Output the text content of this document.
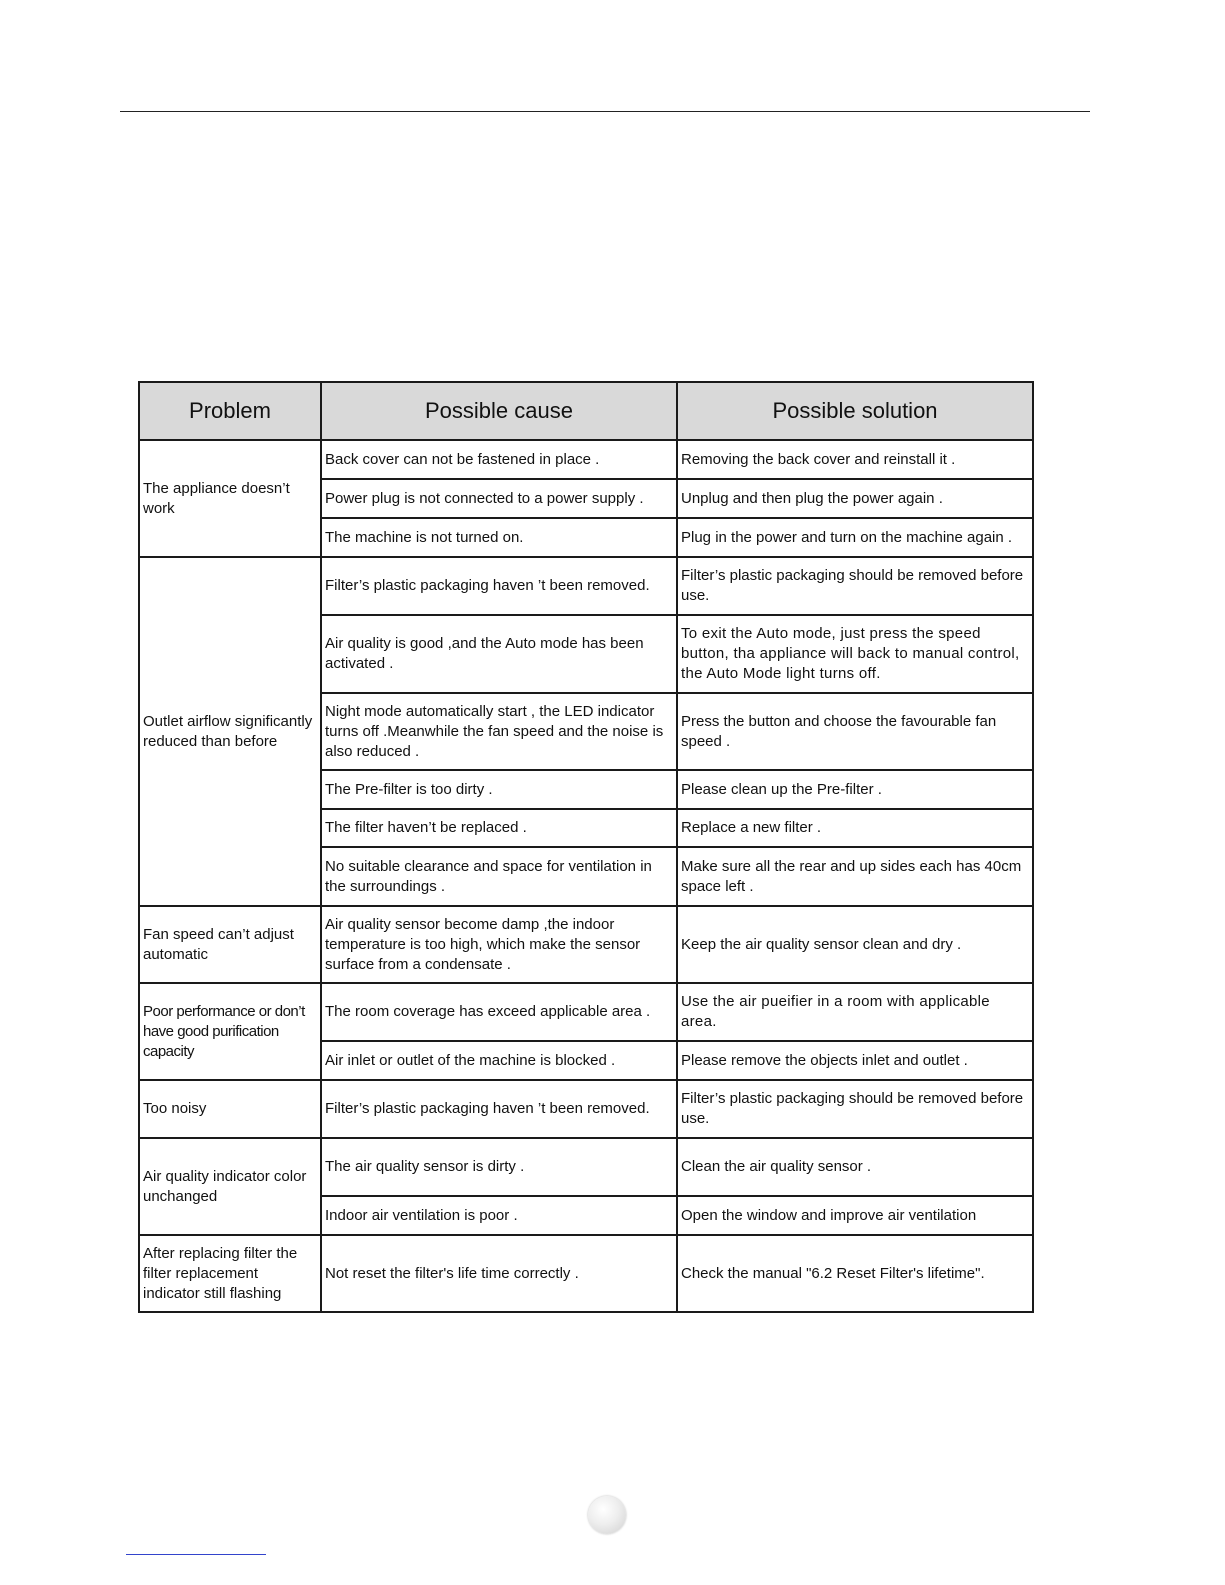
Problem	Possible cause	Possible solution
The appliance doesn’t work	Back cover can not be fastened in place .	Removing the back cover and reinstall it .
	Power plug is not connected to a power supply .	Unplug and then plug the power again .
	The machine is not turned on.	Plug in the power and turn on the machine again .
Outlet airflow significantly reduced than before	Filter’s plastic packaging haven ’t been removed.	Filter’s plastic packaging should be removed before use.
	Air quality is good ,and the Auto mode has been activated .	To exit the Auto mode, just press the speed button, tha appliance will back to manual control, the Auto Mode light turns off.
	Night mode automatically start , the LED indicator turns off .Meanwhile the fan speed and the noise is also reduced .	Press the button and choose the favourable fan speed .
	The Pre-filter is too dirty .	Please clean up the Pre-filter .
	The filter haven’t be replaced .	Replace a new filter .
	No suitable clearance and space for ventilation in the surroundings .	Make sure all the rear and up sides each has 40cm space left .
Fan speed can’t adjust automatic	Air quality sensor become damp ,the indoor temperature is too high, which make the sensor surface from a condensate .	Keep the air quality sensor clean and dry .
Poor performance or don’t have good purification capacity	The room coverage has exceed applicable area .	Use the air pueifier in a room with applicable area.
	Air inlet or outlet of the machine is blocked .	Please remove the objects inlet and outlet .
Too noisy	Filter’s plastic packaging haven ’t been removed.	Filter’s plastic packaging should be removed before use.
Air quality indicator color unchanged	The air quality sensor is dirty .	Clean the air quality sensor .
	Indoor air ventilation is poor .	Open the window and improve air ventilation
After replacing filter the filter replacement indicator still flashing	Not reset the filter's life time correctly .	Check the manual "6.2 Reset Filter's lifetime".
